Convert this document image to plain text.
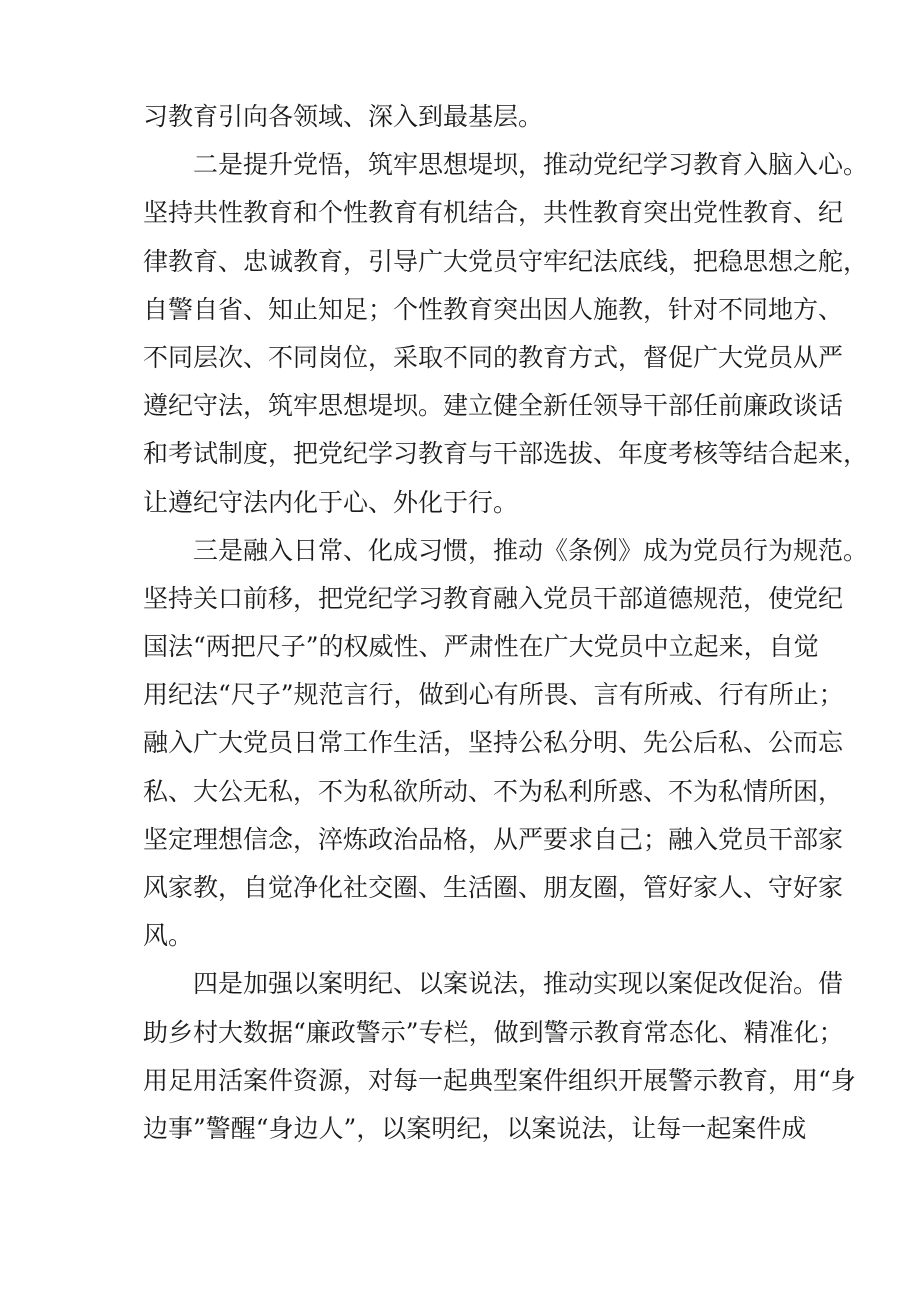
习教育引向各领域、深入到最基层。
二是提升党悟，筑牢思想堤坝，推动党纪学习教育入脑入心。
坚持共性教育和个性教育有机结合，共性教育突出党性教育、纪
律教育、忠诚教育，引导广大党员守牢纪法底线，把稳思想之舵，
自警自省、知止知足；个性教育突出因人施教，针对不同地方、
不同层次、不同岗位，采取不同的教育方式，督促广大党员从严
遵纪守法，筑牢思想堤坝。建立健全新任领导干部任前廉政谈话
和考试制度，把党纪学习教育与干部选拔、年度考核等结合起来，
让遵纪守法内化于心、外化于行。
三是融入日常、化成习惯，推动《条例》成为党员行为规范。
坚持关口前移，把党纪学习教育融入党员干部道德规范，使党纪
国法“两把尺子”的权威性、严肃性在广大党员中立起来，自觉
用纪法“尺子”规范言行，做到心有所畏、言有所戒、行有所止；
融入广大党员日常工作生活，坚持公私分明、先公后私、公而忘
私、大公无私，不为私欲所动、不为私利所惑、不为私情所困，
坚定理想信念，淬炼政治品格，从严要求自己；融入党员干部家
风家教，自觉净化社交圈、生活圈、朋友圈，管好家人、守好家
风。
四是加强以案明纪、以案说法，推动实现以案促改促治。借
助乡村大数据“廉政警示”专栏，做到警示教育常态化、精准化；
用足用活案件资源，对每一起典型案件组织开展警示教育，用“身
边事”警醒“身边人”，以案明纪，以案说法，让每一起案件成
